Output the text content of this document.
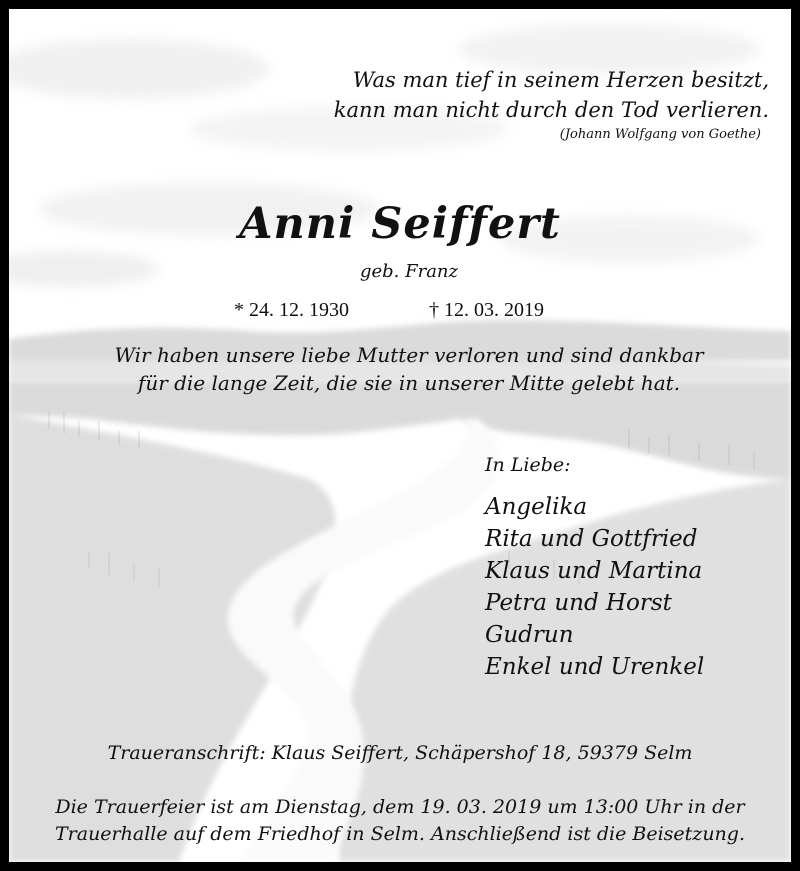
Was man tief in seinem Herzen besitzt,

kann man nicht durch den Tod verlieren.

(Johann Wolfgang von Goethe)

Anni Seiffert

geb. Franz

* 24. 12. 1930	† 12. 03. 2019

Wir haben unsere liebe Mutter verloren und sind dankbar

für die lange Zeit, die sie in unserer Mitte gelebt hat.

In Liebe:

Angelika

Rita und Gottfried

Klaus und Martina

Petra und Horst

Gudrun

Enkel und Urenkel

Traueranschrift: Klaus Seiffert, Schäpershof 18, 59379 Selm

Die Trauerfeier ist am Dienstag, dem 19. 03. 2019 um 13:00 Uhr in der

Trauerhalle auf dem Friedhof in Selm. Anschließend ist die Beisetzung.
